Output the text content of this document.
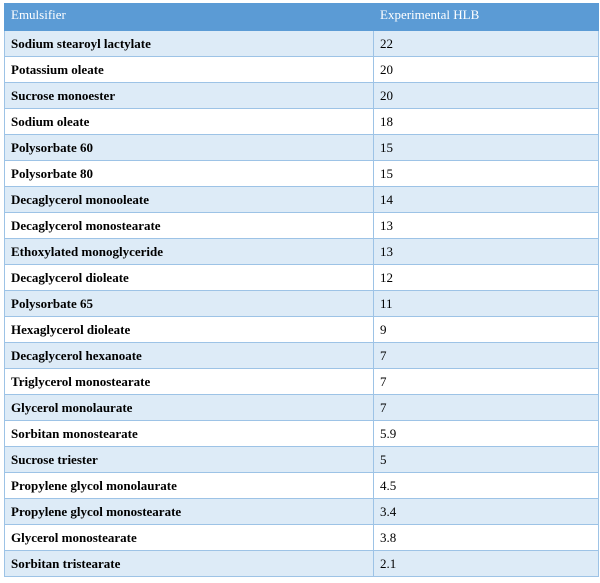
Emulsifier	Experimental HLB
Sodium stearoyl lactylate	22
Potassium oleate	20
Sucrose monoester	20
Sodium oleate	18
Polysorbate 60	15
Polysorbate 80	15
Decaglycerol monooleate	14
Decaglycerol monostearate	13
Ethoxylated monoglyceride	13
Decaglycerol dioleate	12
Polysorbate 65	11
Hexaglycerol dioleate	9
Decaglycerol hexanoate	7
Triglycerol monostearate	7
Glycerol monolaurate	7
Sorbitan monostearate	5.9
Sucrose triester	5
Propylene glycol monolaurate	4.5
Propylene glycol monostearate	3.4
Glycerol monostearate	3.8
Sorbitan tristearate	2.1
